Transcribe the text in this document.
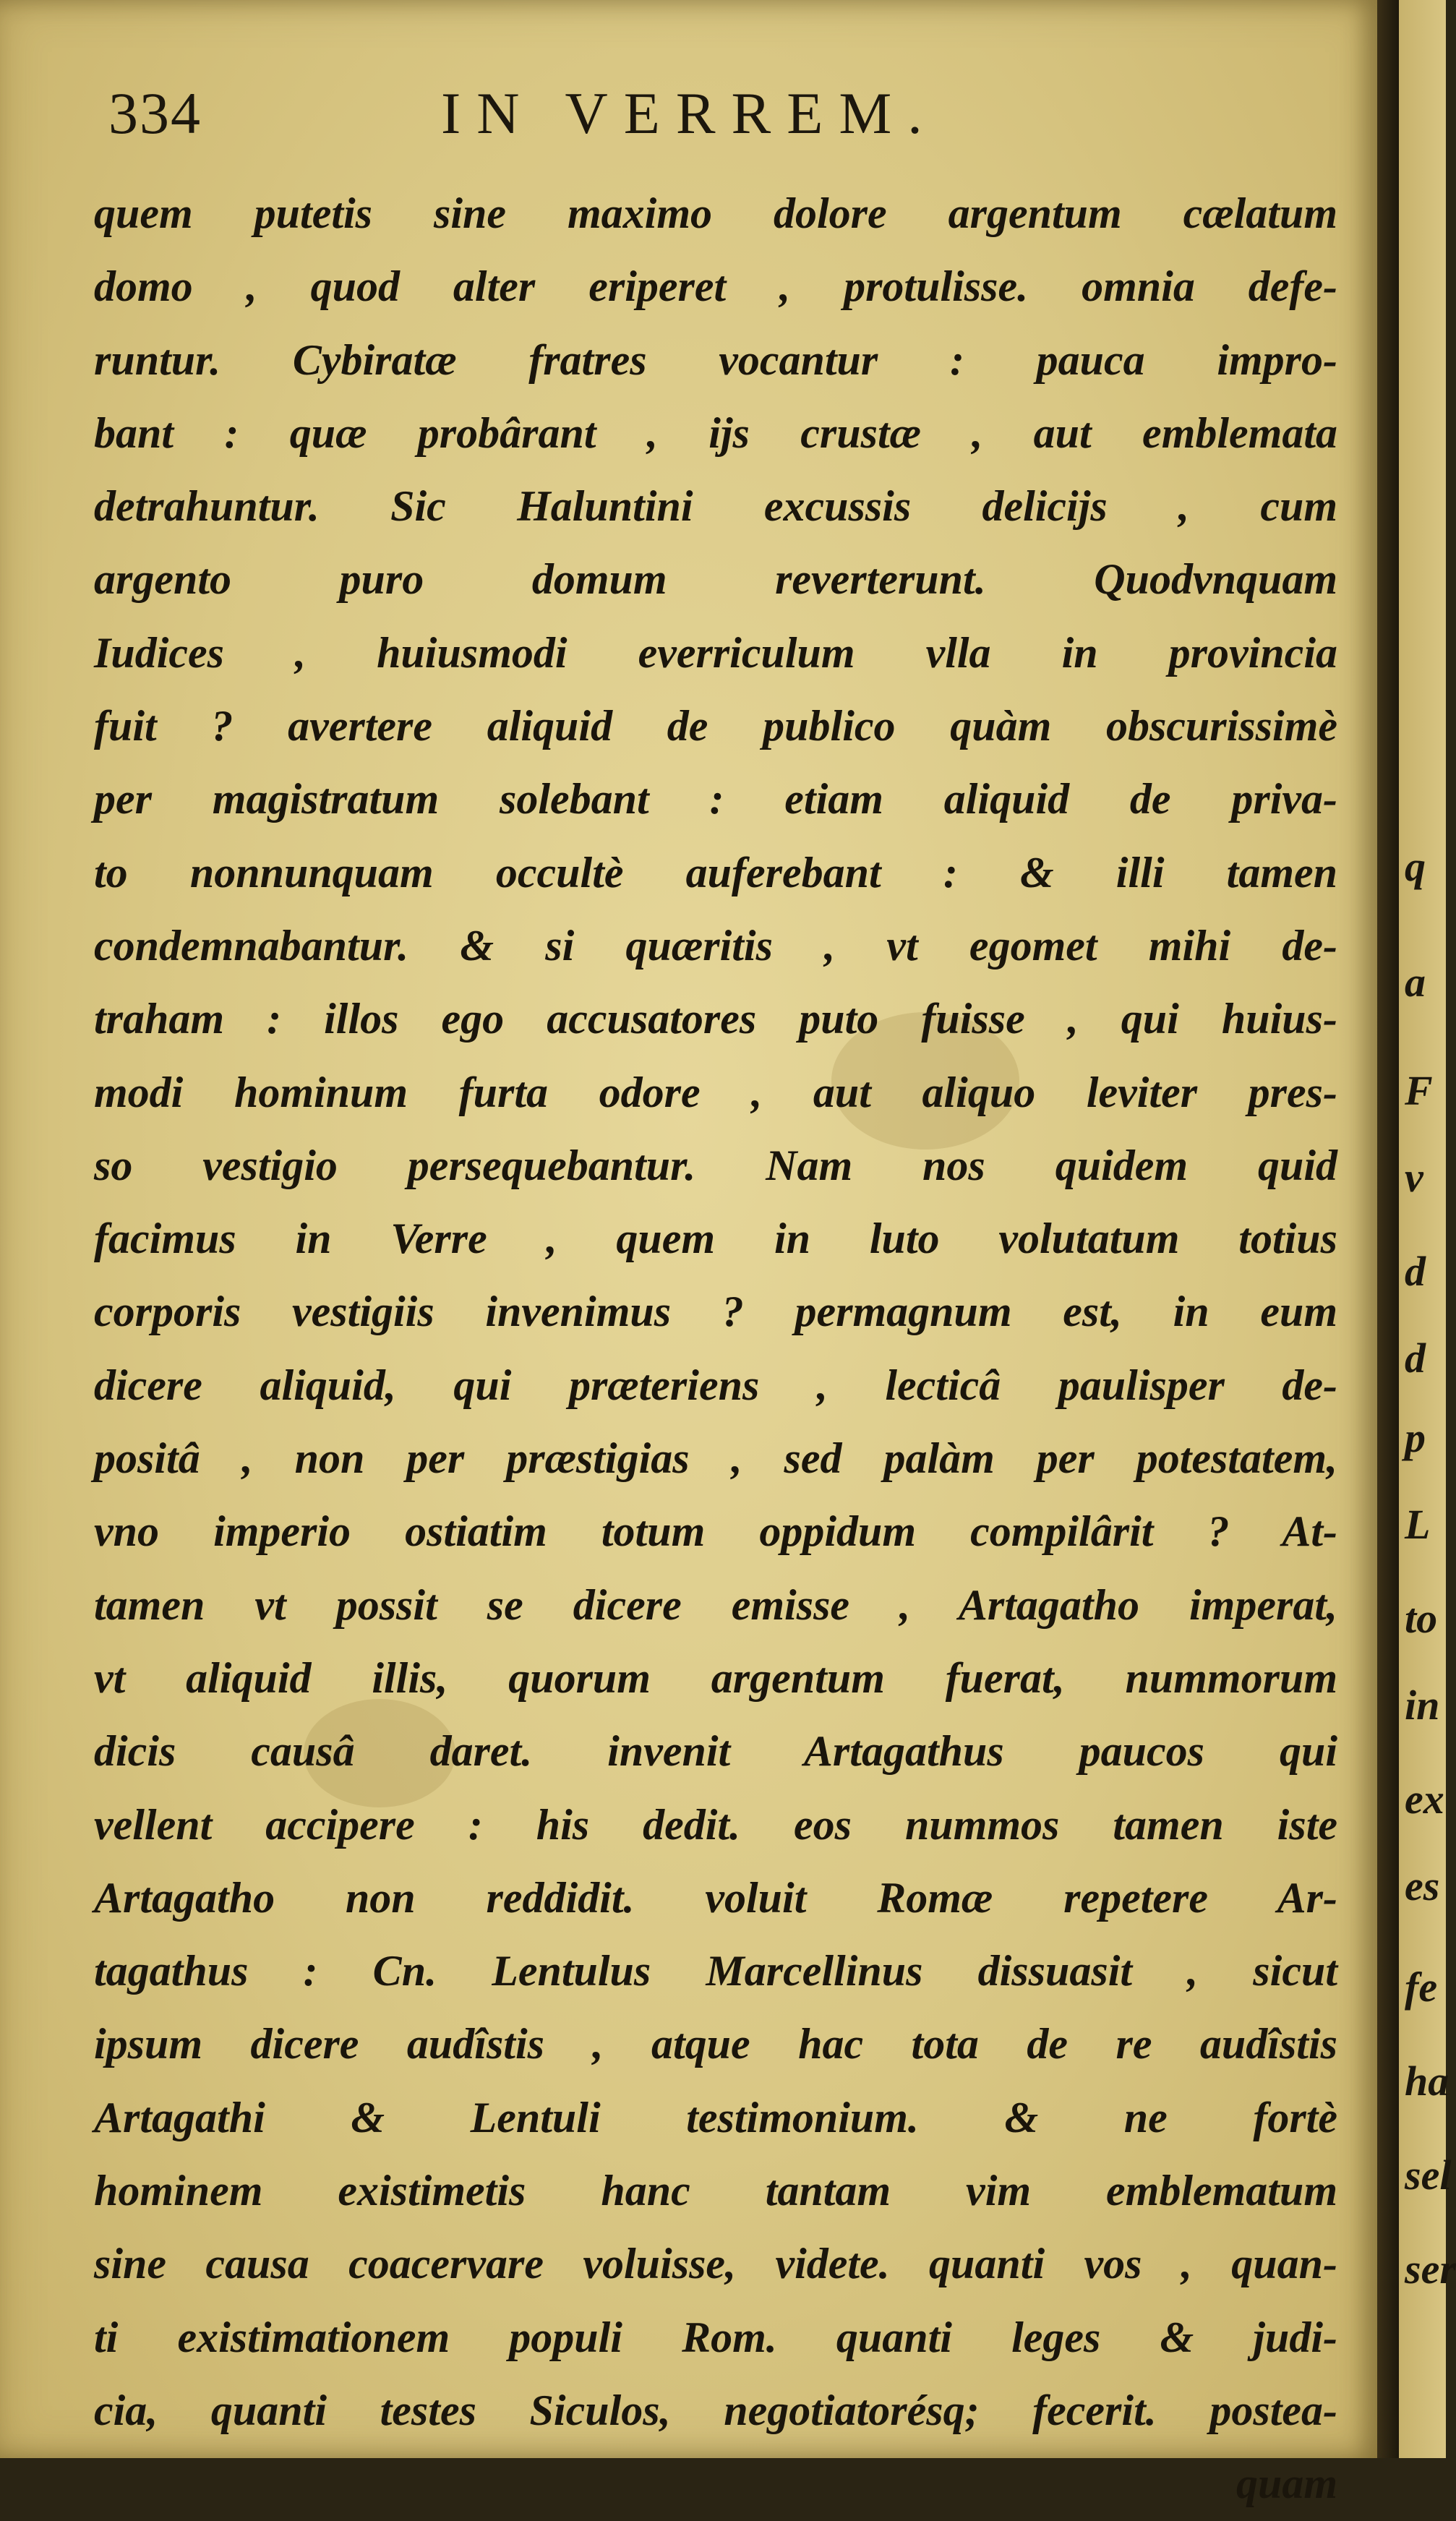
334	IN VERREM.
quem putetis sine maximo dolore argentum cælatum
domo , quod alter eriperet , protulisse. omnia defe-
runtur. Cybiratæ fratres vocantur : pauca impro-
bant : quæ probârant , ijs crustæ , aut emblemata
detrahuntur. Sic Haluntini excussis delicijs , cum
argento puro domum reverterunt. Quodvnquam
Iudices , huiusmodi everriculum vlla in provincia
fuit ? avertere aliquid de publico quàm obscurissimè
per magistratum solebant : etiam aliquid de priva-
to nonnunquam occultè auferebant : & illi tamen
condemnabantur. & si quæritis , vt egomet mihi de-
traham : illos ego accusatores puto fuisse , qui huius-
modi hominum furta odore , aut aliquo leviter pres-
so vestigio persequebantur. Nam nos quidem quid
facimus in Verre , quem in luto volutatum totius
corporis vestigiis invenimus ? permagnum est, in eum
dicere aliquid, qui præteriens , lecticâ paulisper de-
positâ , non per præstigias , sed palàm per potestatem,
vno imperio ostiatim totum oppidum compilârit ? At-
tamen vt possit se dicere emisse , Artagatho imperat,
vt aliquid illis, quorum argentum fuerat, nummorum
dicis causâ daret. invenit Artagathus paucos qui
vellent accipere : his dedit. eos nummos tamen iste
Artagatho non reddidit. voluit Romæ repetere Ar-
tagathus : Cn. Lentulus Marcellinus dissuasit , sicut
ipsum dicere audîstis , atque hac tota de re audîstis
Artagathi & Lentuli testimonium. & ne fortè
hominem existimetis hanc tantam vim emblematum
sine causa coacervare voluisse, videte. quanti vos , quan-
ti existimationem populi Rom. quanti leges & judi-
cia, quanti testes Siculos, negotiatorésq; fecerit. postea-
quam
q
a
F
v
d
d
p
L
to
in
ex
es
fe
ha
sel
ser
